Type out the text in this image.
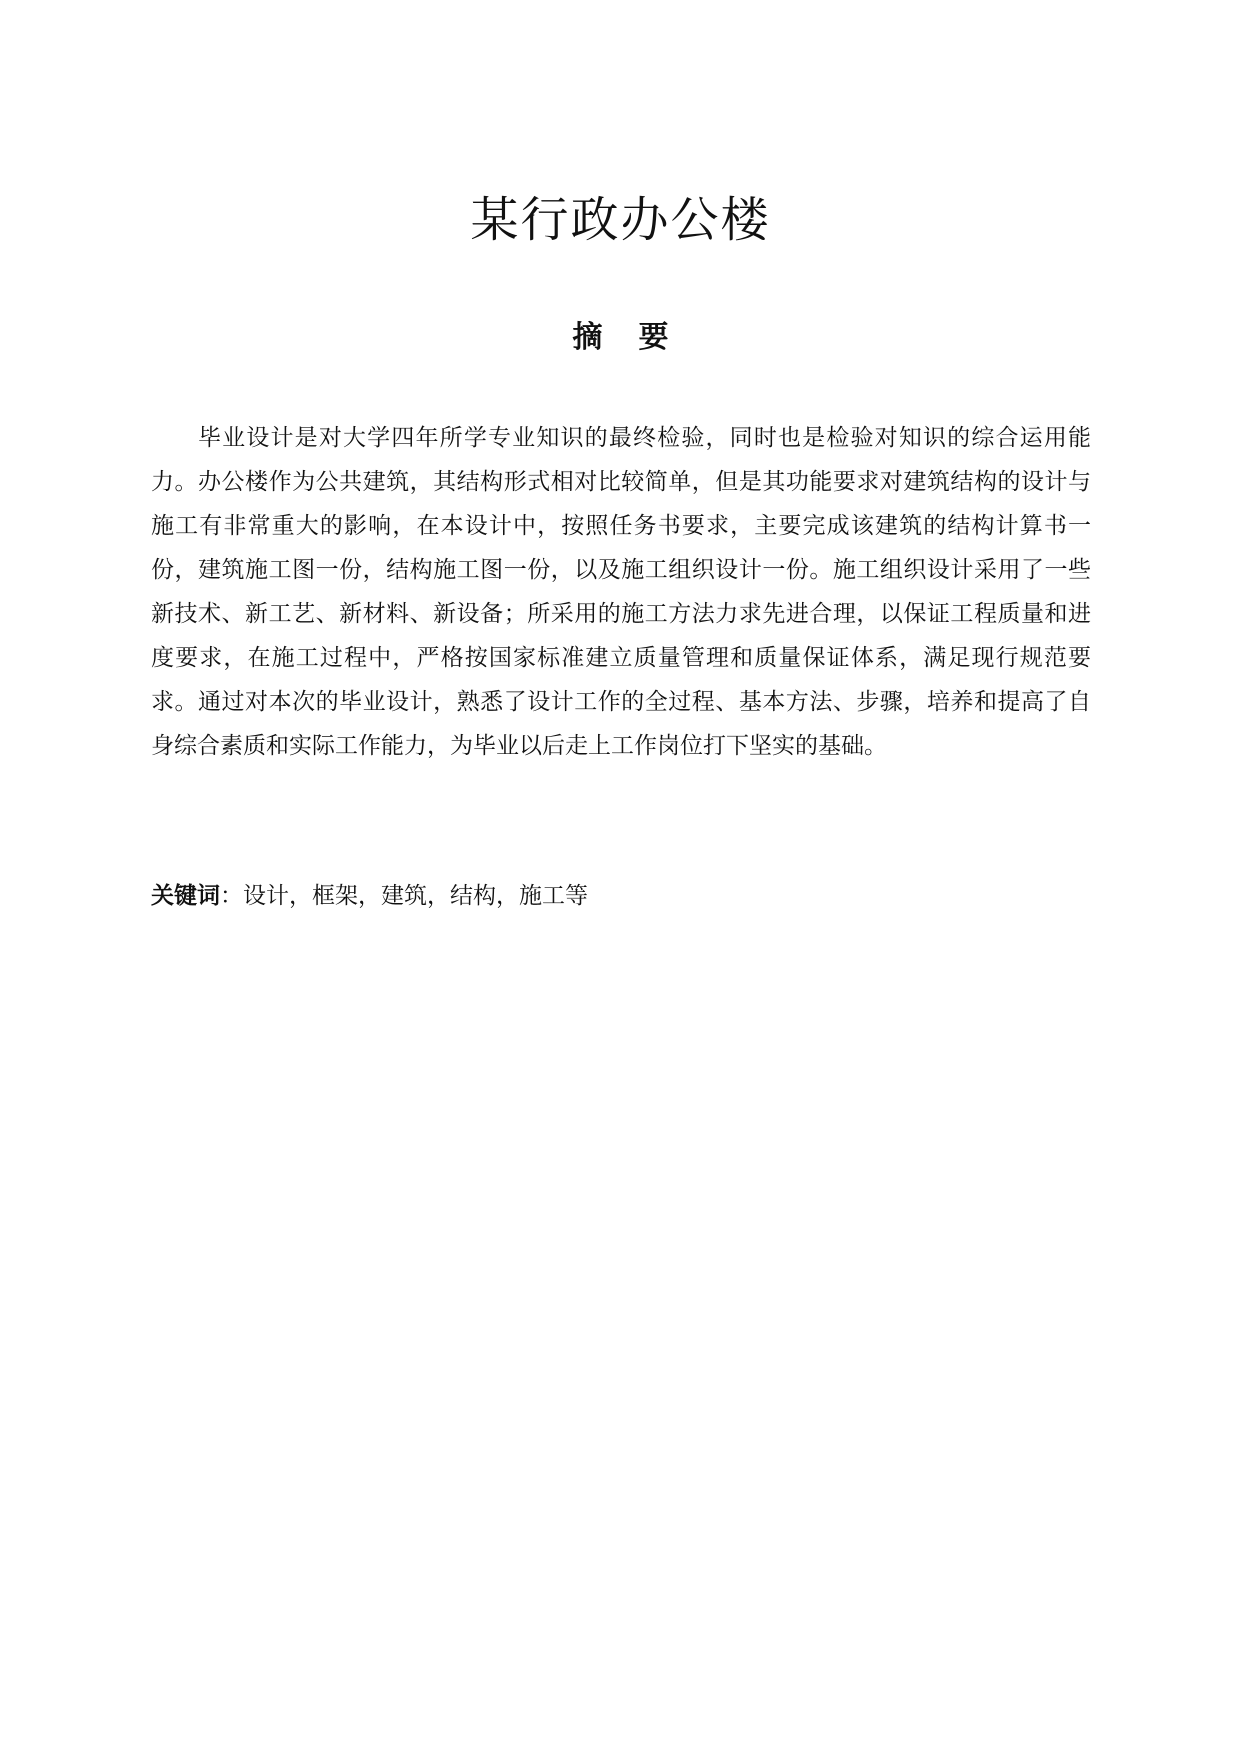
某行政办公楼
摘要

毕业设计是对大学四年所学专业知识的最终检验，同时也是检验对知识的综合运用能力。办公楼作为公共建筑，其结构形式相对比较简单，但是其功能要求对建筑结构的设计与施工有非常重大的影响，在本设计中，按照任务书要求，主要完成该建筑的结构计算书一份，建筑施工图一份，结构施工图一份，以及施工组织设计一份。施工组织设计采用了一些新技术、新工艺、新材料、新设备；所采用的施工方法力求先进合理，以保证工程质量和进度要求，在施工过程中，严格按国家标准建立质量管理和质量保证体系，满足现行规范要求。通过对本次的毕业设计，熟悉了设计工作的全过程、基本方法、步骤，培养和提高了自身综合素质和实际工作能力，为毕业以后走上工作岗位打下坚实的基础。

关键词：设计，框架，建筑，结构，施工等
